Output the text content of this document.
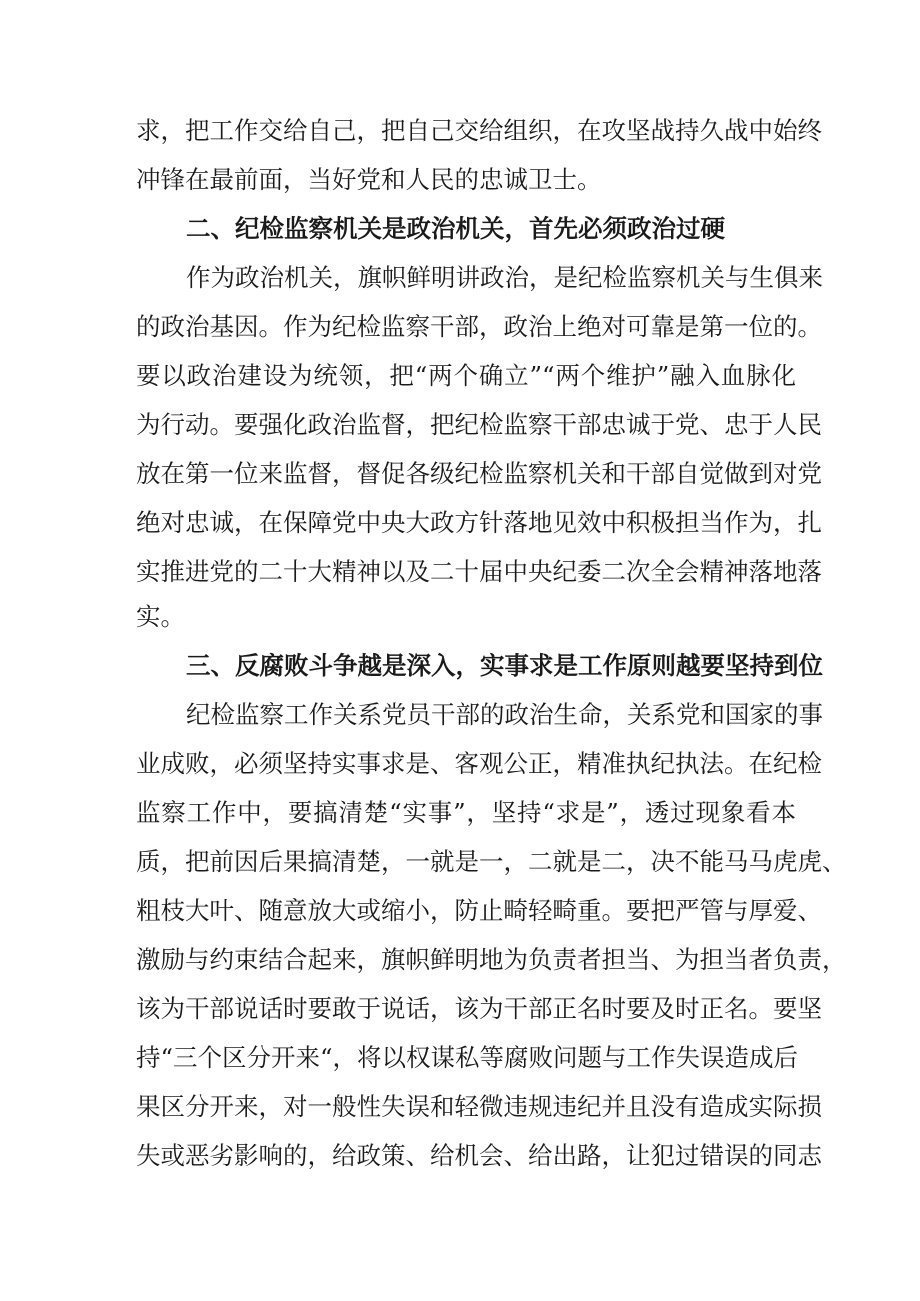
求，把工作交给自己，把自己交给组织，在攻坚战持久战中始终
冲锋在最前面，当好党和人民的忠诚卫士。
二、纪检监察机关是政治机关，首先必须政治过硬
作为政治机关，旗帜鲜明讲政治，是纪检监察机关与生俱来
的政治基因。作为纪检监察干部，政治上绝对可靠是第一位的。
要以政治建设为统领，把“两个确立”“两个维护”融入血脉化
为行动。要强化政治监督，把纪检监察干部忠诚于党、忠于人民
放在第一位来监督，督促各级纪检监察机关和干部自觉做到对党
绝对忠诚，在保障党中央大政方针落地见效中积极担当作为，扎
实推进党的二十大精神以及二十届中央纪委二次全会精神落地落
实。
三、反腐败斗争越是深入，实事求是工作原则越要坚持到位
纪检监察工作关系党员干部的政治生命，关系党和国家的事
业成败，必须坚持实事求是、客观公正，精准执纪执法。在纪检
监察工作中，要搞清楚“实事”，坚持“求是”，透过现象看本
质，把前因后果搞清楚，一就是一，二就是二，决不能马马虎虎、
粗枝大叶、随意放大或缩小，防止畸轻畸重。要把严管与厚爱、
激励与约束结合起来，旗帜鲜明地为负责者担当、为担当者负责，
该为干部说话时要敢于说话，该为干部正名时要及时正名。要坚
持“三个区分开来“，将以权谋私等腐败问题与工作失误造成后
果区分开来，对一般性失误和轻微违规违纪并且没有造成实际损
失或恶劣影响的，给政策、给机会、给出路，让犯过错误的同志
